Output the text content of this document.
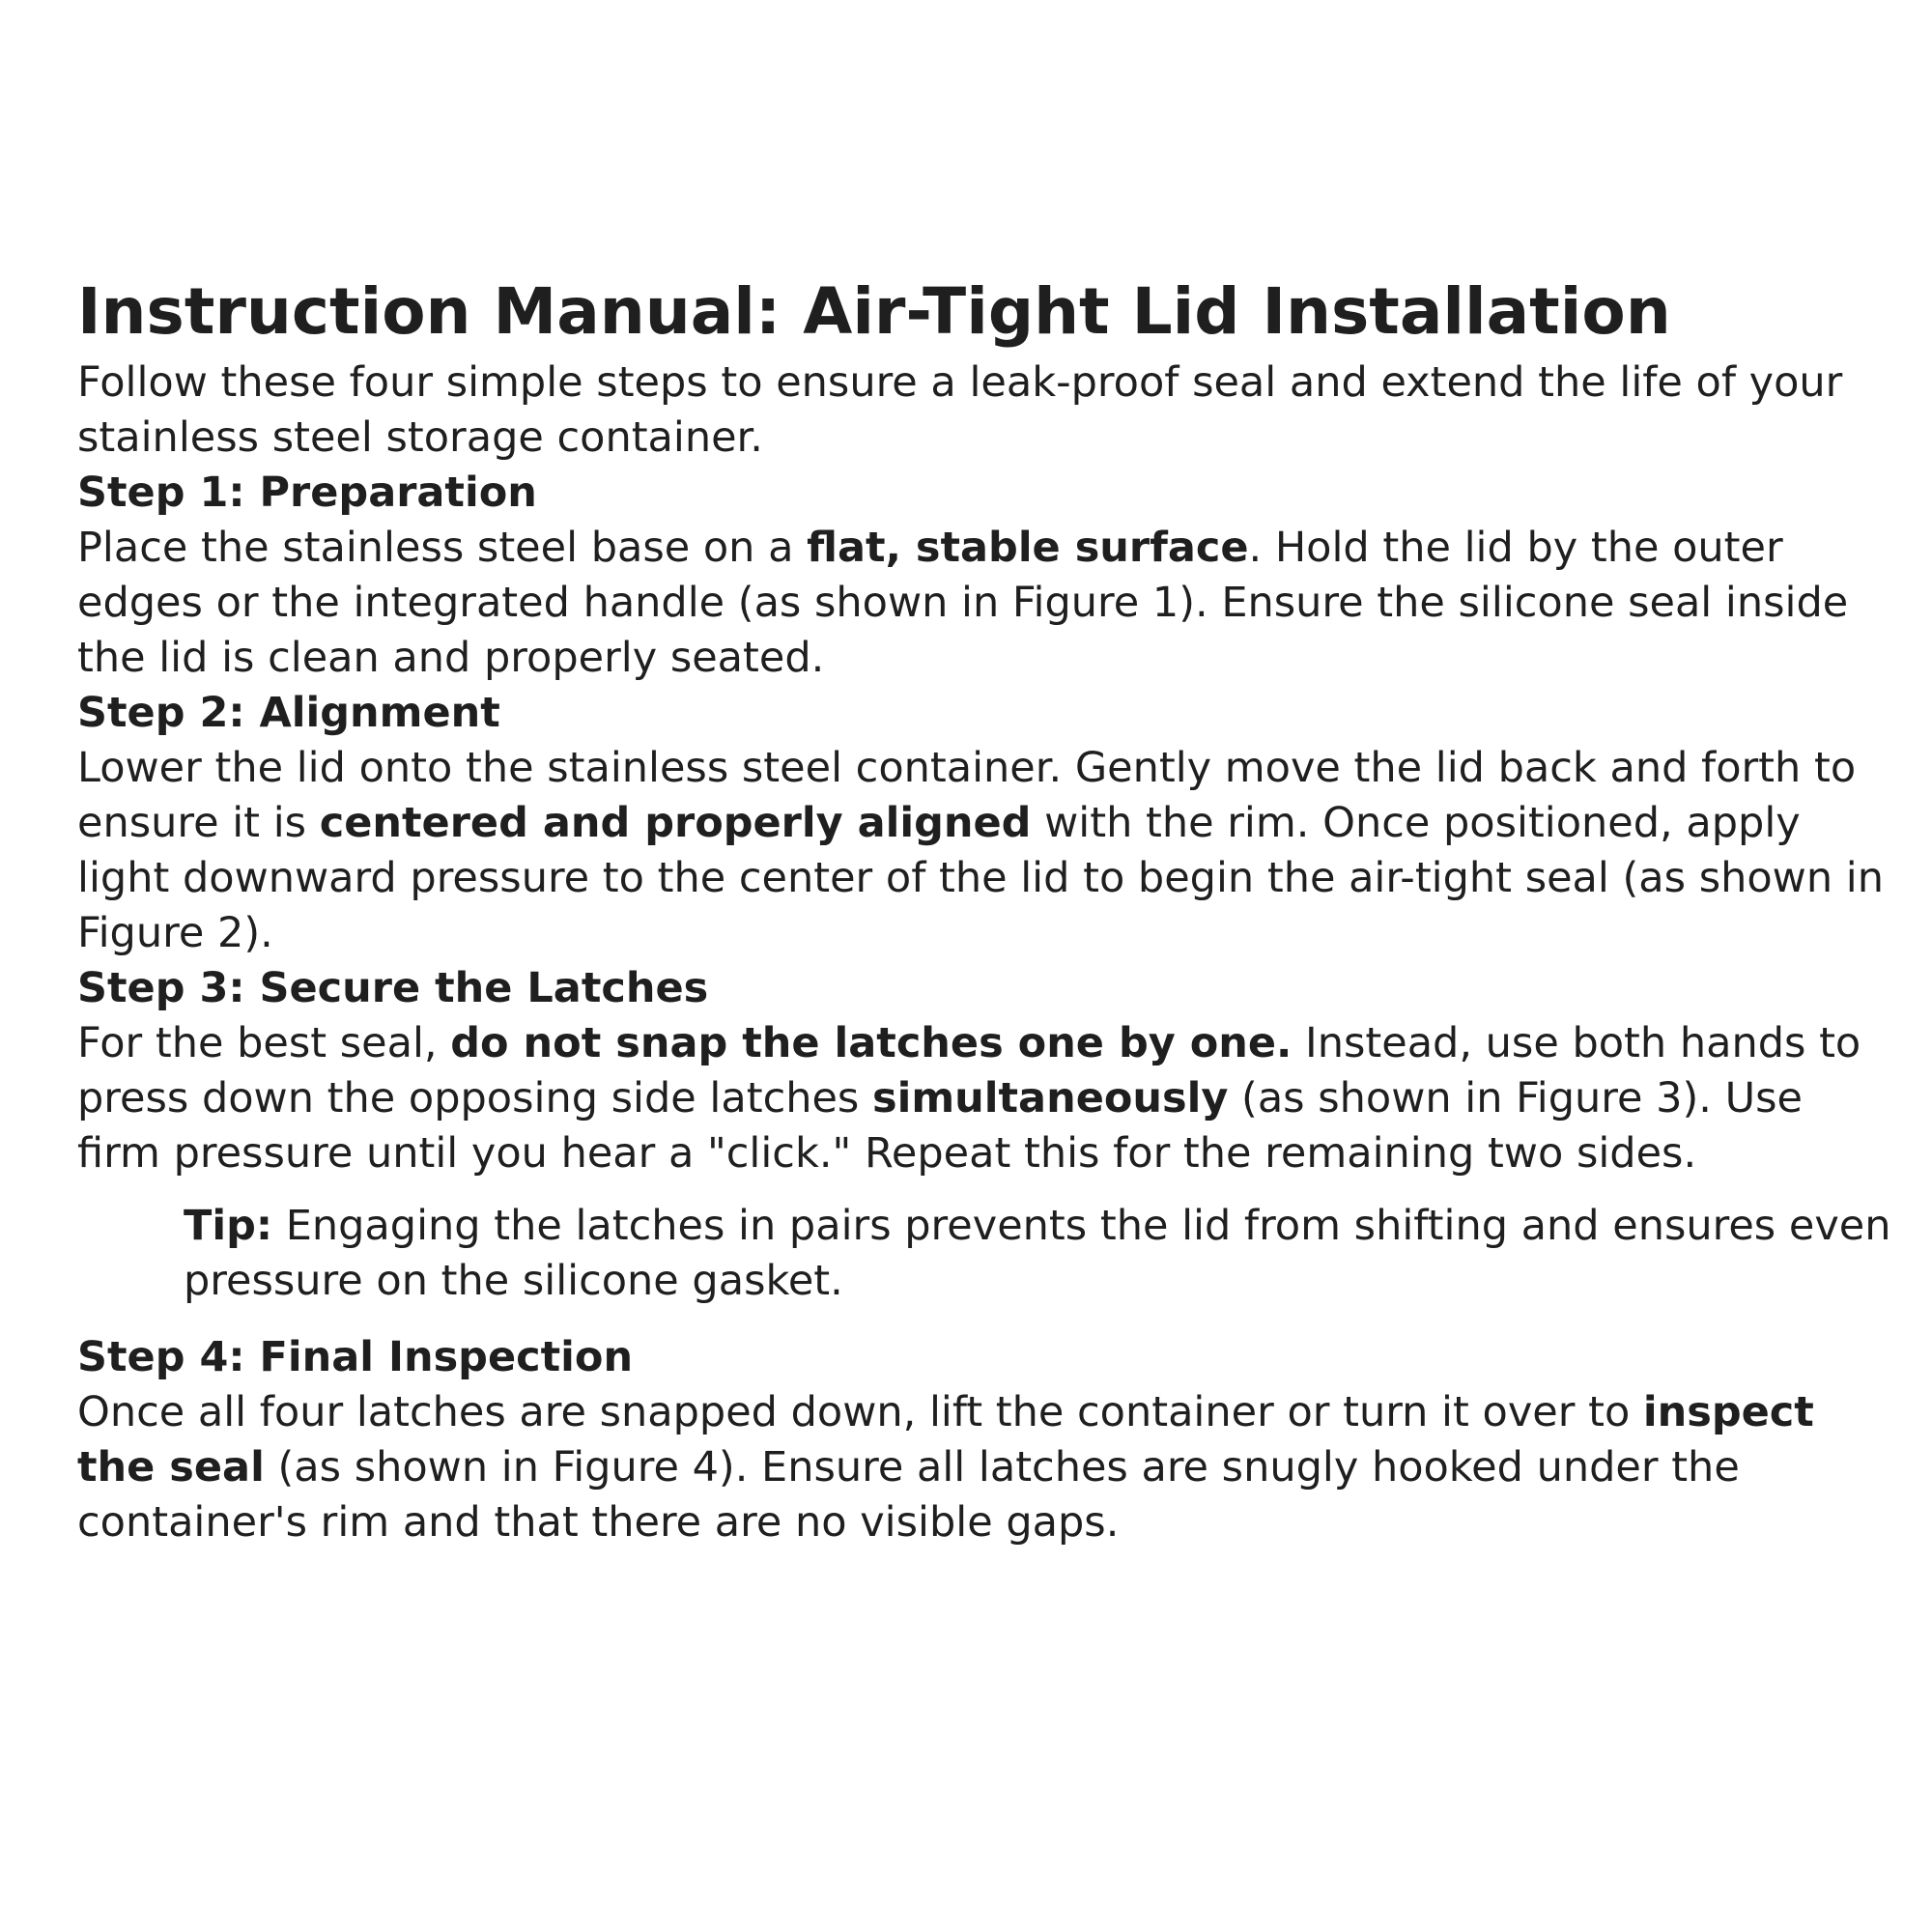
Instruction Manual: Air-Tight Lid Installation

Follow these four simple steps to ensure a leak-proof seal and extend the life of your stainless steel storage container.

Step 1: Preparation

Place the stainless steel base on a flat, stable surface. Hold the lid by the outer edges or the integrated handle (as shown in Figure 1). Ensure the silicone seal inside the lid is clean and properly seated.

Step 2: Alignment

Lower the lid onto the stainless steel container. Gently move the lid back and forth to ensure it is centered and properly aligned with the rim. Once positioned, apply light downward pressure to the center of the lid to begin the air-tight seal (as shown in Figure 2).

Step 3: Secure the Latches

For the best seal, do not snap the latches one by one. Instead, use both hands to press down the opposing side latches simultaneously (as shown in Figure 3). Use firm pressure until you hear a "click." Repeat this for the remaining two sides.

Tip: Engaging the latches in pairs prevents the lid from shifting and ensures even pressure on the silicone gasket.

Step 4: Final Inspection

Once all four latches are snapped down, lift the container or turn it over to inspect the seal (as shown in Figure 4). Ensure all latches are snugly hooked under the container's rim and that there are no visible gaps.
